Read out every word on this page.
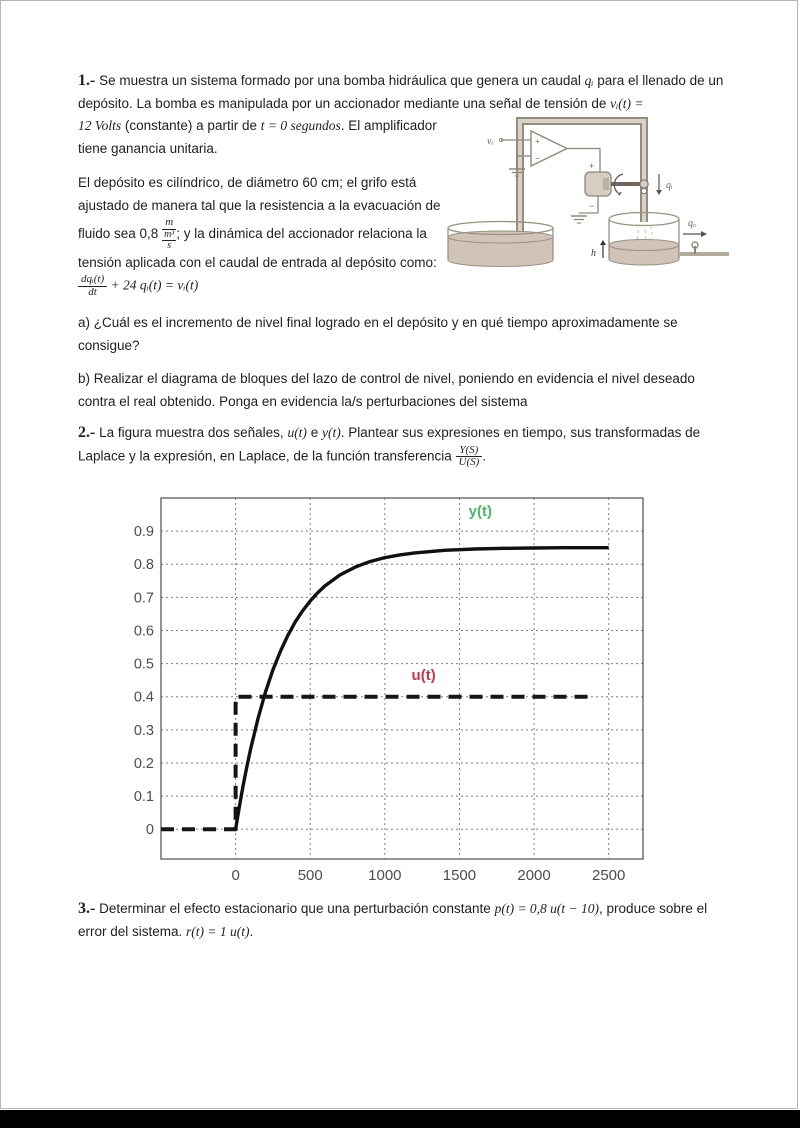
1.- Se muestra un sistema formado por una bomba hidráulica que genera un caudal qᵢ para el llenado de un depósito. La bomba es manipulada por un accionador mediante una señal de tensión de vᵢ(t) =
12 Volts (constante) a partir de t = 0 segundos. El amplificador tiene ganancia unitaria.
El depósito es cilíndrico, de diámetro 60 cm; el grifo está ajustado de manera tal que la resistencia a la evacuación de fluido sea 0,8
m
m³
s
; y la dinámica del accionador relaciona la tensión aplicada con el caudal de entrada al depósito como:
$\frac{\text{dqᵢ(t)}}{dt} + 24$ qᵢ(t) = vᵢ(t)
+
−
vᵢ
+
−
qᵢ
h
qₒ
a) ¿Cuál es el incremento de nivel final logrado en el depósito y en qué tiempo aproximadamente se consigue?
b) Realizar el diagrama de bloques del lazo de control de nivel, poniendo en evidencia el nivel deseado contra el real obtenido. Ponga en evidencia la/s perturbaciones del sistema
2.- La figura muestra dos señales, u(t) e y(t). Plantear sus expresiones en tiempo, sus transformadas de Laplace y la expresión, en Laplace, de la función transferencia $\frac{Y(S)}{U(S)}$ .
0
0.1
0.2
0.3
0.4
0.5
0.6
0.7
0.8
0.9
0	500	1000	1500	2000	2500
y(t)
u(t)
3.- Determinar el efecto estacionario que una perturbación constante p(t) = 0,8 u(t − 10), produce sobre el error del sistema. r(t) = 1 u(t).
